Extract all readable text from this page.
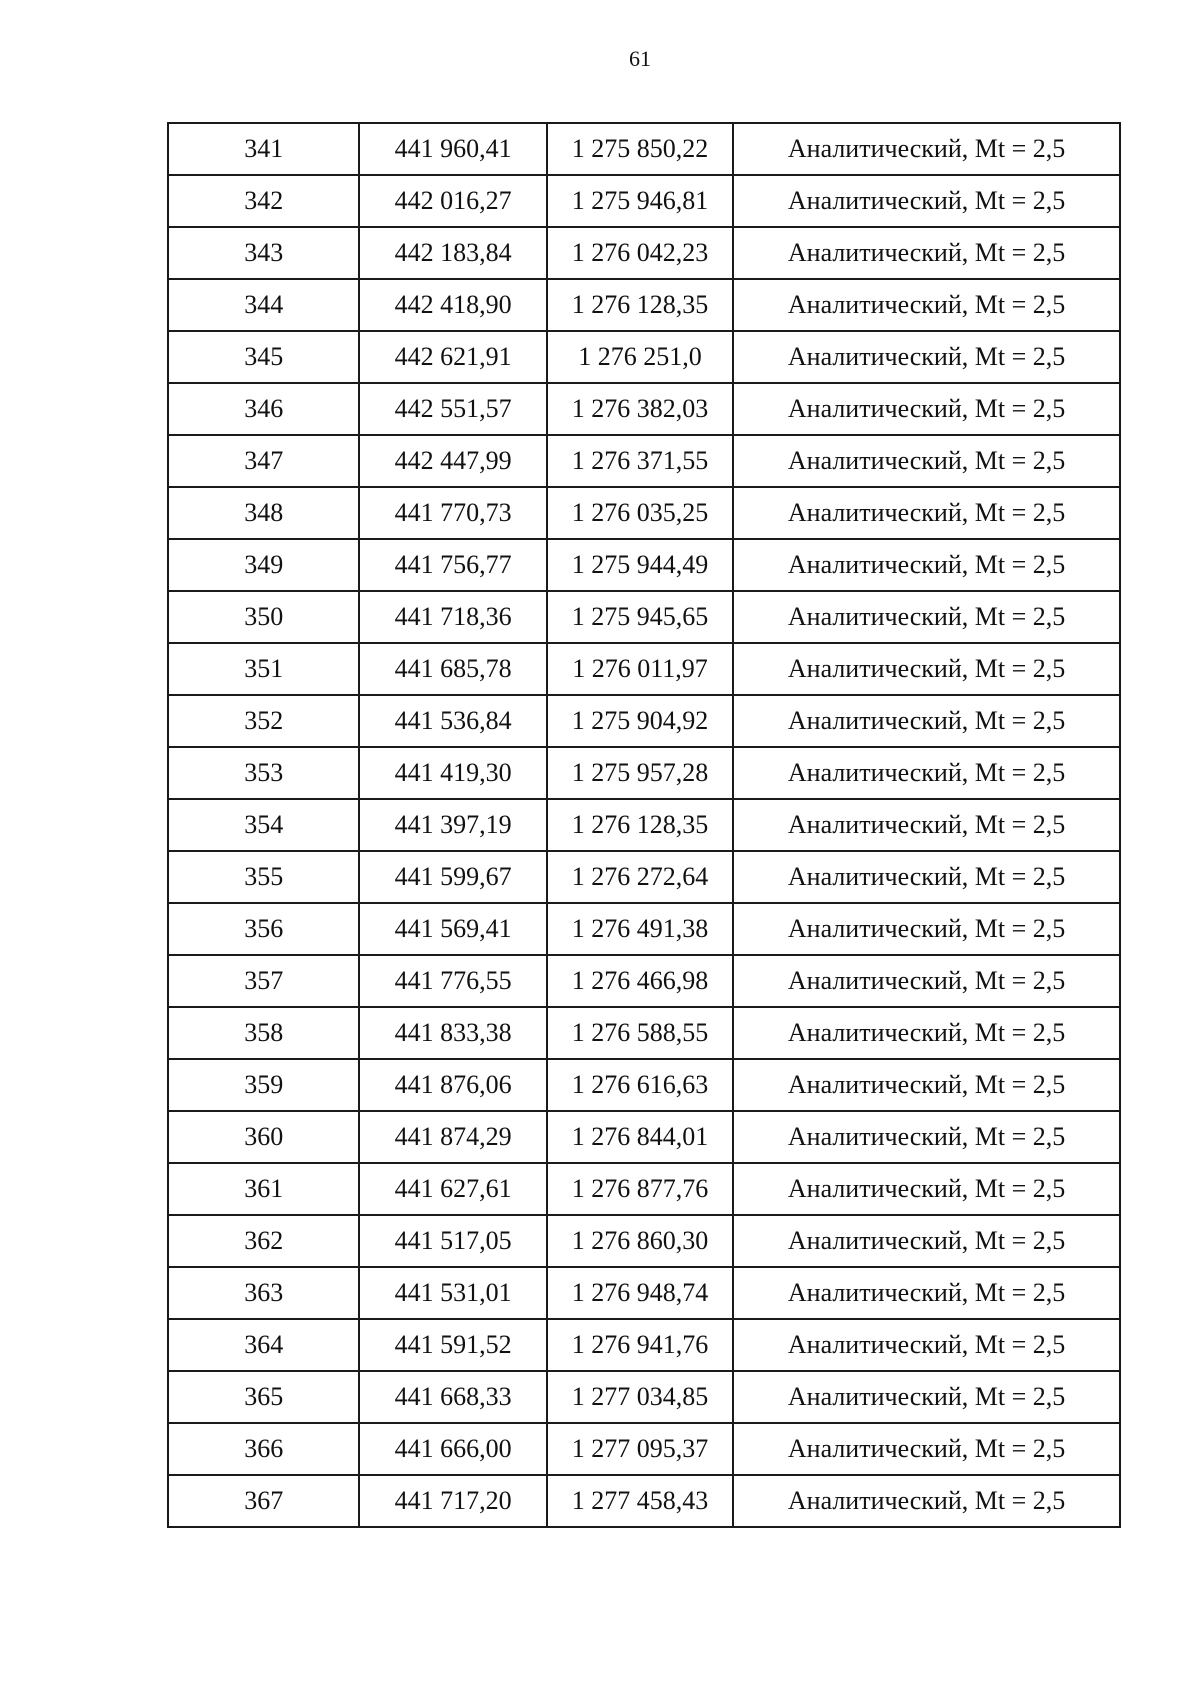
61
341	441 960,41	1 275 850,22	Аналитический, Mt = 2,5
342	442 016,27	1 275 946,81	Аналитический, Mt = 2,5
343	442 183,84	1 276 042,23	Аналитический, Mt = 2,5
344	442 418,90	1 276 128,35	Аналитический, Mt = 2,5
345	442 621,91	1 276 251,0	Аналитический, Mt = 2,5
346	442 551,57	1 276 382,03	Аналитический, Mt = 2,5
347	442 447,99	1 276 371,55	Аналитический, Mt = 2,5
348	441 770,73	1 276 035,25	Аналитический, Mt = 2,5
349	441 756,77	1 275 944,49	Аналитический, Mt = 2,5
350	441 718,36	1 275 945,65	Аналитический, Mt = 2,5
351	441 685,78	1 276 011,97	Аналитический, Mt = 2,5
352	441 536,84	1 275 904,92	Аналитический, Mt = 2,5
353	441 419,30	1 275 957,28	Аналитический, Mt = 2,5
354	441 397,19	1 276 128,35	Аналитический, Mt = 2,5
355	441 599,67	1 276 272,64	Аналитический, Mt = 2,5
356	441 569,41	1 276 491,38	Аналитический, Mt = 2,5
357	441 776,55	1 276 466,98	Аналитический, Mt = 2,5
358	441 833,38	1 276 588,55	Аналитический, Mt = 2,5
359	441 876,06	1 276 616,63	Аналитический, Mt = 2,5
360	441 874,29	1 276 844,01	Аналитический, Mt = 2,5
361	441 627,61	1 276 877,76	Аналитический, Mt = 2,5
362	441 517,05	1 276 860,30	Аналитический, Mt = 2,5
363	441 531,01	1 276 948,74	Аналитический, Mt = 2,5
364	441 591,52	1 276 941,76	Аналитический, Mt = 2,5
365	441 668,33	1 277 034,85	Аналитический, Mt = 2,5
366	441 666,00	1 277 095,37	Аналитический, Mt = 2,5
367	441 717,20	1 277 458,43	Аналитический, Mt = 2,5
